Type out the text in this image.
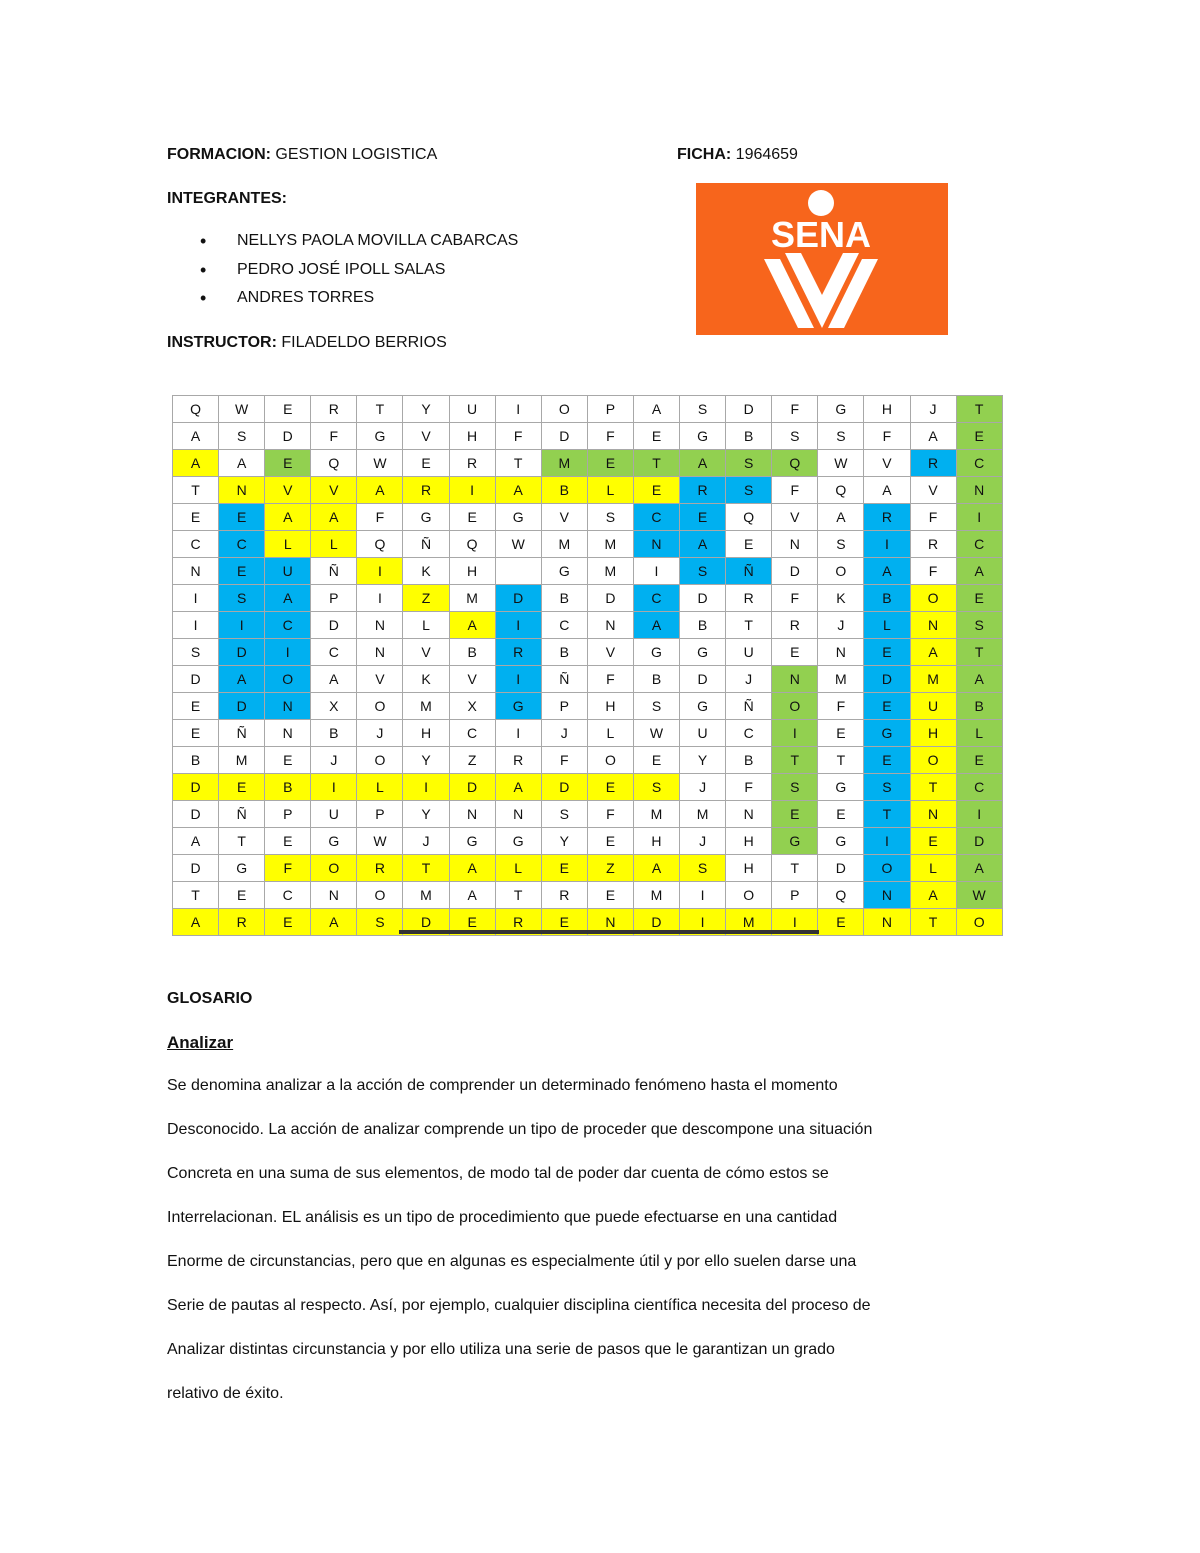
FORMACION: GESTION LOGISTICA	FICHA: 1964659
INTEGRANTES:
• NELLYS PAOLA MOVILLA CABARCAS
• PEDRO JOSÉ IPOLL SALAS
• ANDRES TORRES
INSTRUCTOR: FILADELDO BERRIOS
SENA
Q	W	E	R	T	Y	U	I	O	P	A	S	D	F	G	H	J	T
A	S	D	F	G	V	H	F	D	F	E	G	B	S	S	F	A	E
A	A	E	Q	W	E	R	T	M	E	T	A	S	Q	W	V	R	C
T	N	V	V	A	R	I	A	B	L	E	R	S	F	Q	A	V	N
E	E	A	A	F	G	E	G	V	S	C	E	Q	V	A	R	F	I
C	C	L	L	Q	Ñ	Q	W	M	M	N	A	E	N	S	I	R	C
N	E	U	Ñ	I	K	H		G	M	I	S	Ñ	D	O	A	F	A
I	S	A	P	I	Z	M	D	B	D	C	D	R	F	K	B	O	E
I	I	C	D	N	L	A	I	C	N	A	B	T	R	J	L	N	S
S	D	I	C	N	V	B	R	B	V	G	G	U	E	N	E	A	T
D	A	O	A	V	K	V	I	Ñ	F	B	D	J	N	M	D	M	A
E	D	N	X	O	M	X	G	P	H	S	G	Ñ	O	F	E	U	B
E	Ñ	N	B	J	H	C	I	J	L	W	U	C	I	E	G	H	L
B	M	E	J	O	Y	Z	R	F	O	E	Y	B	T	T	E	O	E
D	E	B	I	L	I	D	A	D	E	S	J	F	S	G	S	T	C
D	Ñ	P	U	P	Y	N	N	S	F	M	M	N	E	E	T	N	I
A	T	E	G	W	J	G	G	Y	E	H	J	H	G	G	I	E	D
D	G	F	O	R	T	A	L	E	Z	A	S	H	T	D	O	L	A
T	E	C	N	O	M	A	T	R	E	M	I	O	P	Q	N	A	W
A	R	E	A	S	D	E	R	E	N	D	I	M	I	E	N	T	O
GLOSARIO
Analizar
Se denomina analizar a la acción de comprender un determinado fenómeno hasta el momento
Desconocido. La acción de analizar comprende un tipo de proceder que descompone una situación
Concreta en una suma de sus elementos, de modo tal de poder dar cuenta de cómo estos se
Interrelacionan. EL análisis es un tipo de procedimiento que puede efectuarse en una cantidad
Enorme de circunstancias, pero que en algunas es especialmente útil y por ello suelen darse una
Serie de pautas al respecto. Así, por ejemplo, cualquier disciplina científica necesita del proceso de
Analizar distintas circunstancia y por ello utiliza una serie de pasos que le garantizan un grado
relativo de éxito.
